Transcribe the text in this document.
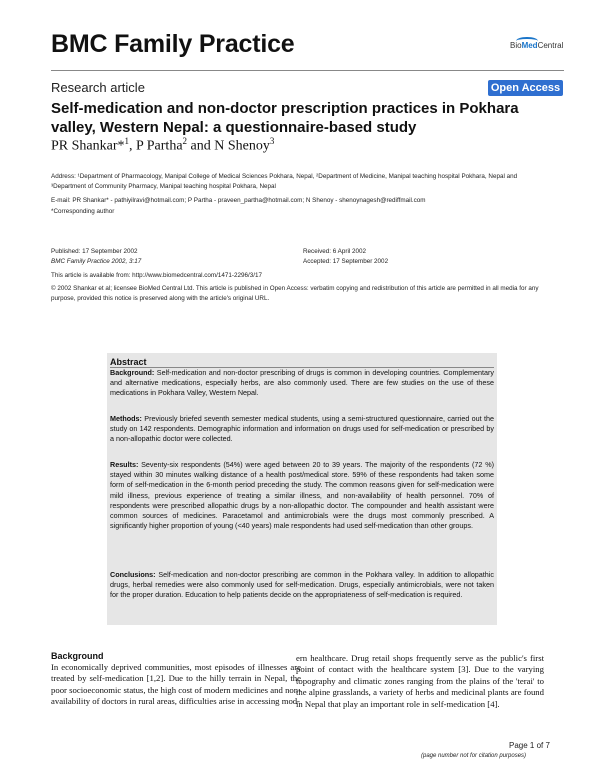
BMC Family Practice	BioMedCentral
Research article	Open Access
Self-medication and non-doctor prescription practices in Pokhara valley, Western Nepal: a questionnaire-based study
PR Shankar*$^1$, P Partha$^2$ and N Shenoy$^3$
Address: ¹Department of Pharmacology, Manipal College of Medical Sciences Pokhara, Nepal, ²Department of Medicine, Manipal teaching hospital Pokhara, Nepal and ³Department of Community Pharmacy, Manipal teaching hospital Pokhara, Nepal
E-mail: PR Shankar* - pathiyilravi@hotmail.com; P Partha - praveen_partha@hotmail.com; N Shenoy - shenoynagesh@rediffmail.com
*Corresponding author
Published: 17 September 2002
BMC Family Practice 2002, 3:17
Received: 6 April 2002
Accepted: 17 September 2002
This article is available from: http://www.biomedcentral.com/1471-2296/3/17
© 2002 Shankar et al; licensee BioMed Central Ltd. This article is published in Open Access: verbatim copying and redistribution of this article are permitted in all media for any purpose, provided this notice is preserved along with the article's original URL.
Abstract
Background: Self-medication and non-doctor prescribing of drugs is common in developing countries. Complementary and alternative medications, especially herbs, are also commonly used. There are few studies on the use of these medications in Pokhara Valley, Western Nepal.
Methods: Previously briefed seventh semester medical students, using a semi-structured questionnaire, carried out the study on 142 respondents. Demographic information and information on drugs used for self-medication or prescribed by a non-allopathic doctor were collected.
Results: Seventy-six respondents (54%) were aged between 20 to 39 years. The majority of the respondents (72 %) stayed within 30 minutes walking distance of a health post/medical store. 59% of these respondents had taken some form of self-medication in the 6-month period preceding the study. The common reasons given for self-medication were mild illness, previous experience of treating a similar illness, and non-availability of health personnel. 70% of respondents were prescribed allopathic drugs by a non-allopathic doctor. The compounder and health assistant were common sources of medicines. Paracetamol and antimicrobials were the drugs most commonly prescribed. A significantly higher proportion of young (<40 years) male respondents had used self-medication than other groups.
Conclusions: Self-medication and non-doctor prescribing are common in the Pokhara valley. In addition to allopathic drugs, herbal remedies were also commonly used for self-medication. Drugs, especially antimicrobials, were not taken for the proper duration. Education to help patients decide on the appropriateness of self-medication is required.
Background
In economically deprived communities, most episodes of illnesses are treated by self-medication [1,2]. Due to the hilly terrain in Nepal, the poor socioeconomic status, the high cost of modern medicines and non-availability of doctors in rural areas, difficulties arise in accessing mod-
ern healthcare. Drug retail shops frequently serve as the public's first point of contact with the healthcare system [3]. Due to the varying topography and climatic zones ranging from the plains of the 'terai' to the alpine grasslands, a variety of herbs and medicinal plants are found in Nepal that play an important role in self-medication [4].
Page 1 of 7
(page number not for citation purposes)
